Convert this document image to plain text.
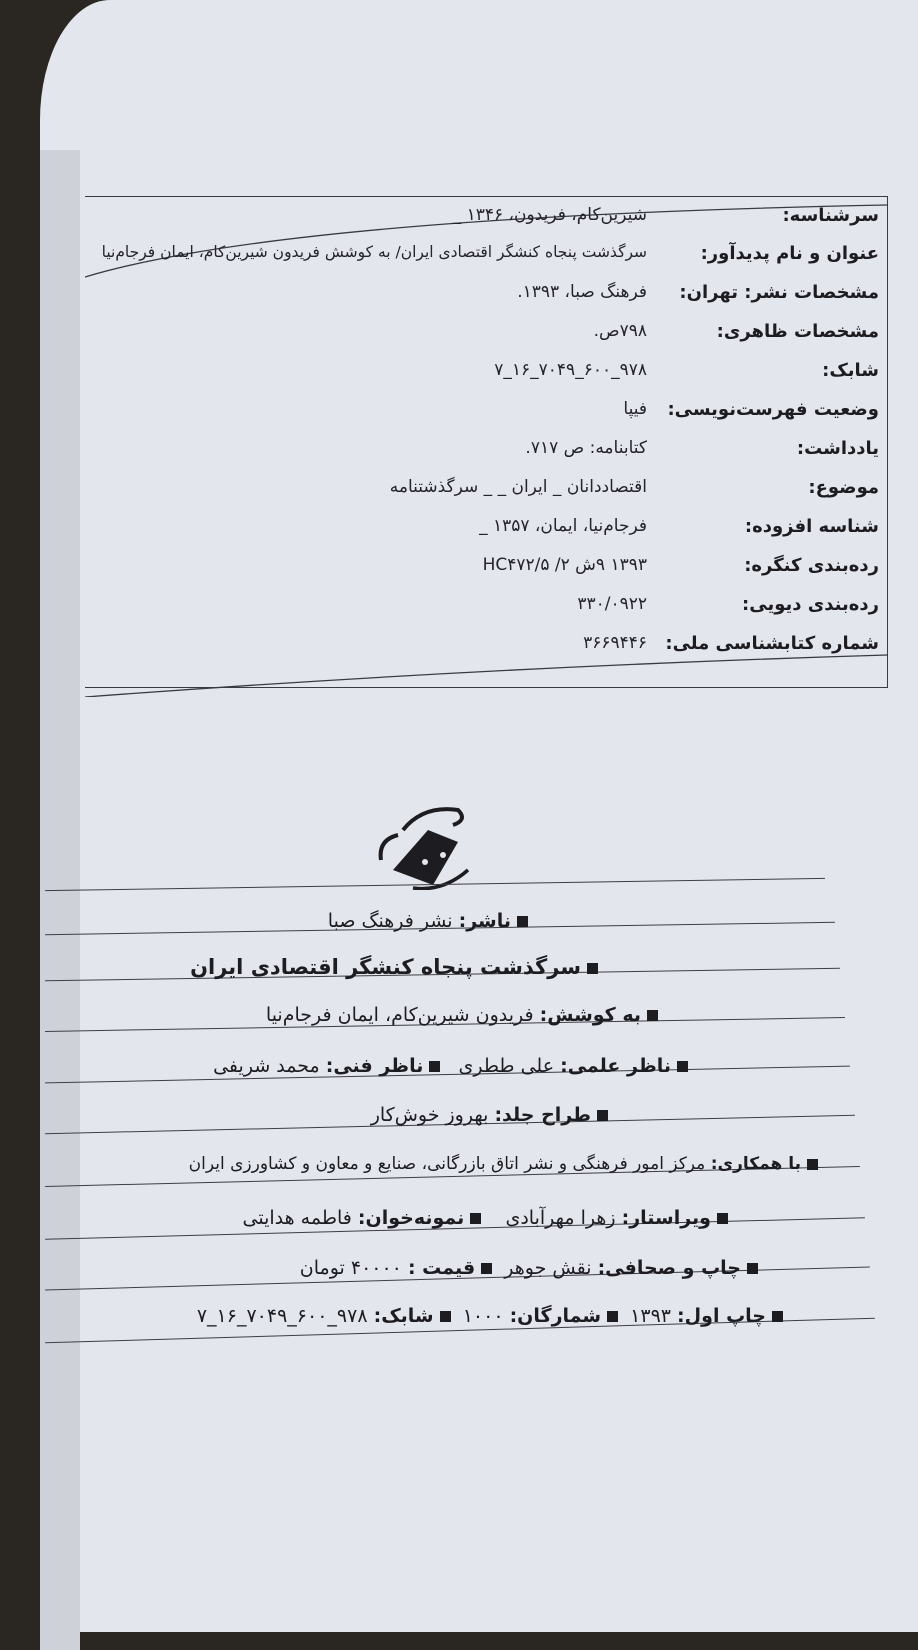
سرشناسه:
شیرین‌کام، فریدون، ۱۳۴۶ _
عنوان و نام پدیدآور:
سرگذشت پنجاه کنشگر اقتصادی ایران/ به کوشش فریدون شیرین‌کام، ایمان فرجام‌نیا
مشخصات نشر: تهران:
فرهنگ صبا، ۱۳۹۳.
مشخصات ظاهری:
۷۹۸ص.
شابک:
۹۷۸_۶۰۰_۷۰۴۹_۱۶_۷
وضعیت فهرست‌نویسی:
فیپا
یادداشت:
کتابنامه: ص ۷۱۷.
موضوع:
اقتصاددانان _ ایران _ _ سرگذشتنامه
شناسه افزوده:
فرجام‌نیا، ایمان، ۱۳۵۷ _
رده‌بندی کنگره:
۱۳۹۳ ۹ش ۲/ HC۴۷۲/۵
رده‌بندی دیویی:
۳۳۰/۰۹۲۲
شماره کتابشناسی ملی:
۳۶۶۹۴۴۶
ناشر: نشر فرهنگ صبا
سرگذشت پنجاه کنشگر اقتصادی ایران
به کوشش: فریدون شیرین‌کام، ایمان فرجام‌نیا
ناظر علمی: علی ططری   ناظر فنی: محمد شریفی
طراح جلد: بهروز خوش‌کار
با همکاری: مرکز امور فرهنگی و نشر اتاق بازرگانی، صنایع و معاون و کشاورزی ایران
ویراستار: زهرا مهرآبادی    نمونه‌خوان: فاطمه هدایتی
چاپ و صحافی: نقش جوهر  قیمت : ۴۰۰۰۰ تومان
چاپ اول: ۱۳۹۳  شمارگان: ۱۰۰۰  شابک: ۹۷۸_۶۰۰_۷۰۴۹_۱۶_۷
